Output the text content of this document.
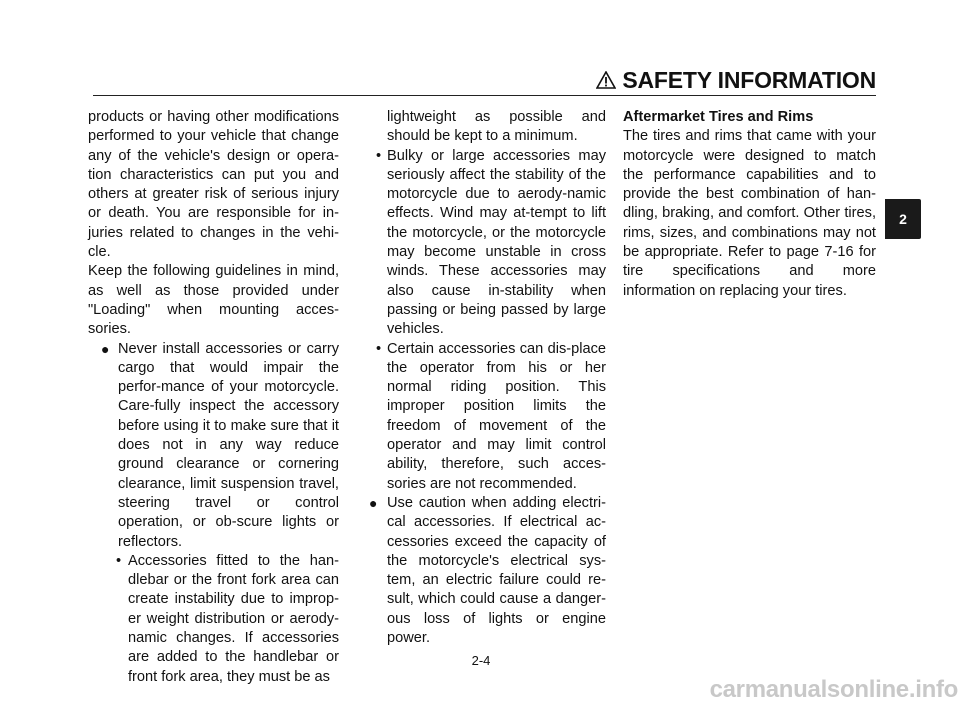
SAFETY INFORMATION

products or having other modifications performed to your vehicle that change any of the vehicle's design or opera-tion characteristics can put you and others at greater risk of serious injury or death. You are responsible for in-juries related to changes in the vehi-cle.

Keep the following guidelines in mind, as well as those provided under "Loading" when mounting acces-sories.

● Never install accessories or carry cargo that would impair the perfor-mance of your motorcycle. Care-fully inspect the accessory before using it to make sure that it does not in any way reduce ground clearance or cornering clearance, limit suspension travel, steering travel or control operation, or ob-scure lights or reflectors.

• Accessories fitted to the han-dlebar or the front fork area can create instability due to improp-er weight distribution or aerody-namic changes. If accessories are added to the handlebar or front fork area, they must be as

lightweight as possible and should be kept to a minimum.

• Bulky or large accessories may seriously affect the stability of the motorcycle due to aerody-namic effects. Wind may at-tempt to lift the motorcycle, or the motorcycle may become unstable in cross winds. These accessories may also cause in-stability when passing or being passed by large vehicles.

• Certain accessories can dis-place the operator from his or her normal riding position. This improper position limits the freedom of movement of the operator and may limit control ability, therefore, such acces-sories are not recommended.

● Use caution when adding electri-cal accessories. If electrical ac-cessories exceed the capacity of the motorcycle's electrical sys-tem, an electric failure could re-sult, which could cause a danger-ous loss of lights or engine power.

Aftermarket Tires and Rims

The tires and rims that came with your motorcycle were designed to match the performance capabilities and to provide the best combination of han-dling, braking, and comfort. Other tires, rims, sizes, and combinations may not be appropriate. Refer to page 7-16 for tire specifications and more information on replacing your tires.

2-4
2
carmanualsonline.info
